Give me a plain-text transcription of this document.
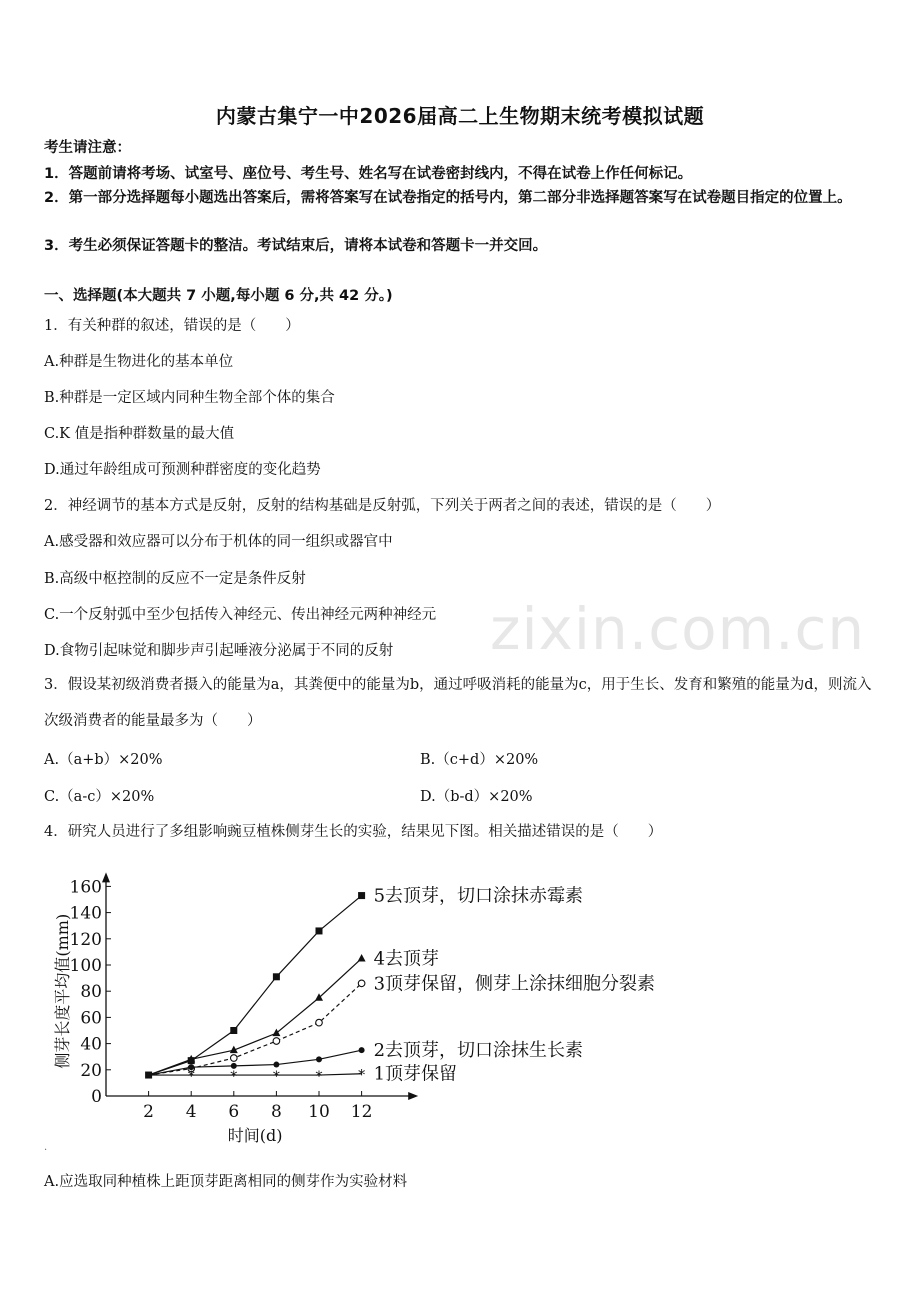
内蒙古集宁一中2026届高二上生物期末统考模拟试题
考生请注意：
1．答题前请将考场、试室号、座位号、考生号、姓名写在试卷密封线内，不得在试卷上作任何标记。
2．第一部分选择题每小题选出答案后，需将答案写在试卷指定的括号内，第二部分非选择题答案写在试卷题目指定的位置上。
3．考生必须保证答题卡的整洁。考试结束后，请将本试卷和答题卡一并交回。
一、选择题(本大题共 7 小题,每小题 6 分,共 42 分。)
1．有关种群的叙述，错误的是（　　）
A.种群是生物进化的基本单位
B.种群是一定区域内同种生物全部个体的集合
C.K 值是指种群数量的最大值
D.通过年龄组成可预测种群密度的变化趋势
2．神经调节的基本方式是反射，反射的结构基础是反射弧，下列关于两者之间的表述，错误的是（　　）
A.感受器和效应器可以分布于机体的同一组织或器官中
B.高级中枢控制的反应不一定是条件反射
C.一个反射弧中至少包括传入神经元、传出神经元两种神经元
D.食物引起味觉和脚步声引起唾液分泌属于不同的反射
3．假设某初级消费者摄入的能量为a，其粪便中的能量为b，通过呼吸消耗的能量为c，用于生长、发育和繁殖的能量为d，则流入次级消费者的能量最多为（　　）
A.（a+b）×20%	B.（c+d）×20%
C.（a-c）×20%	D.（b-d）×20%
4．研究人员进行了多组影响豌豆植株侧芽生长的实验，结果见下图。相关描述错误的是（　　）
0
20
40
60
80
100
120
140
160
2 4 6 8 10 12
时间(d)
侧芽长度平均值(mm)
5去顶芽，切口涂抹赤霉素
4去顶芽
3顶芽保留，侧芽上涂抹细胞分裂素
2去顶芽，切口涂抹生长素
*	*	*	*	* 1顶芽保留
.
A.应选取同种植株上距顶芽距离相同的侧芽作为实验材料
zixin.com.cn
